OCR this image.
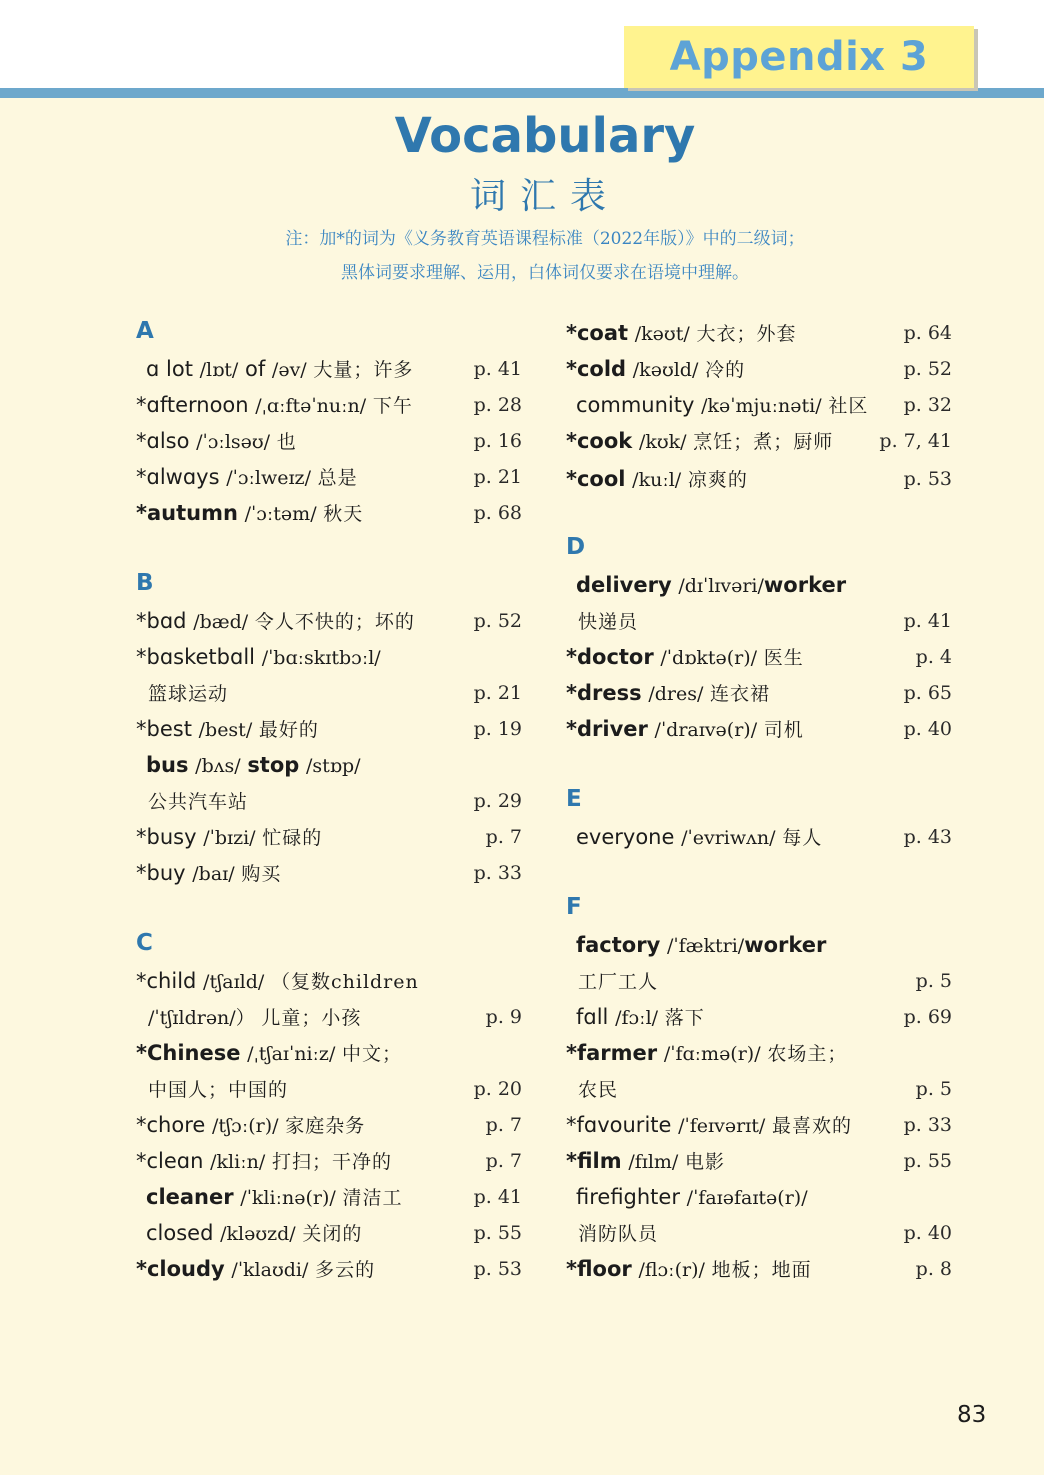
Appendix 3
Vocabulary
词汇表
注：加*的词为《义务教育英语课程标准（2022年版）》中的二级词；
黑体词要求理解、运用，白体词仅要求在语境中理解。
A
ɑ lot /lɒt/ of /əv/ 大量；许多	p. 41
*ɑfternoon /ˌɑːftəˈnuːn/ 下午	p. 28
*ɑlso /ˈɔːlsəʊ/ 也	p. 16
*ɑlwɑys /ˈɔːlweɪz/ 总是	p. 21
*autumn /ˈɔːtəm/ 秋天	p. 68
B
*bɑd /bæd/ 令人不快的；坏的	p. 52
*bɑsketbɑll /ˈbɑːskɪtbɔːl/
篮球运动	p. 21
*best /best/ 最好的	p. 19
bus /bʌs/ stop /stɒp/
公共汽车站	p. 29
*busy /ˈbɪzi/ 忙碌的	p. 7
*buy /baɪ/ 购买	p. 33
C
*child /tʃaɪld/ （复数children
/ˈtʃɪldrən/） 儿童；小孩	p. 9
*Chinese /ˌtʃaɪˈniːz/ 中文；
中国人；中国的	p. 20
*chore /tʃɔː(r)/ 家庭杂务	p. 7
*cleɑn /kliːn/ 打扫；干净的	p. 7
cleaner /ˈkliːnə(r)/ 清洁工	p. 41
closed /kləʊzd/ 关闭的	p. 55
*cloudy /ˈklaʊdi/ 多云的	p. 53
*coat /kəʊt/ 大衣；外套	p. 64
*cold /kəʊld/ 冷的	p. 52
community /kəˈmjuːnəti/ 社区 p. 32
*cook /kʊk/ 烹饪；煮；厨师 p. 7, 41
*cool /kuːl/ 凉爽的	p. 53
D
delivery /dɪˈlɪvəri/worker
快递员	p. 41
*doctor /ˈdɒktə(r)/ 医生	p. 4
*dress /dres/ 连衣裙	p. 65
*driver /ˈdraɪvə(r)/ 司机	p. 40
E
everyone /ˈevriwʌn/ 每人	p. 43
F
factory /ˈfæktri/worker
工厂工人	p. 5
fɑll /fɔːl/ 落下	p. 69
*farmer /ˈfɑːmə(r)/ 农场主；
农民	p. 5
*fɑvourite /ˈfeɪvərɪt/ 最喜欢的	p. 33
*film /fɪlm/ 电影	p. 55
firefighter /ˈfaɪəfaɪtə(r)/
消防队员	p. 40
*floor /flɔː(r)/ 地板；地面	p. 8
83
